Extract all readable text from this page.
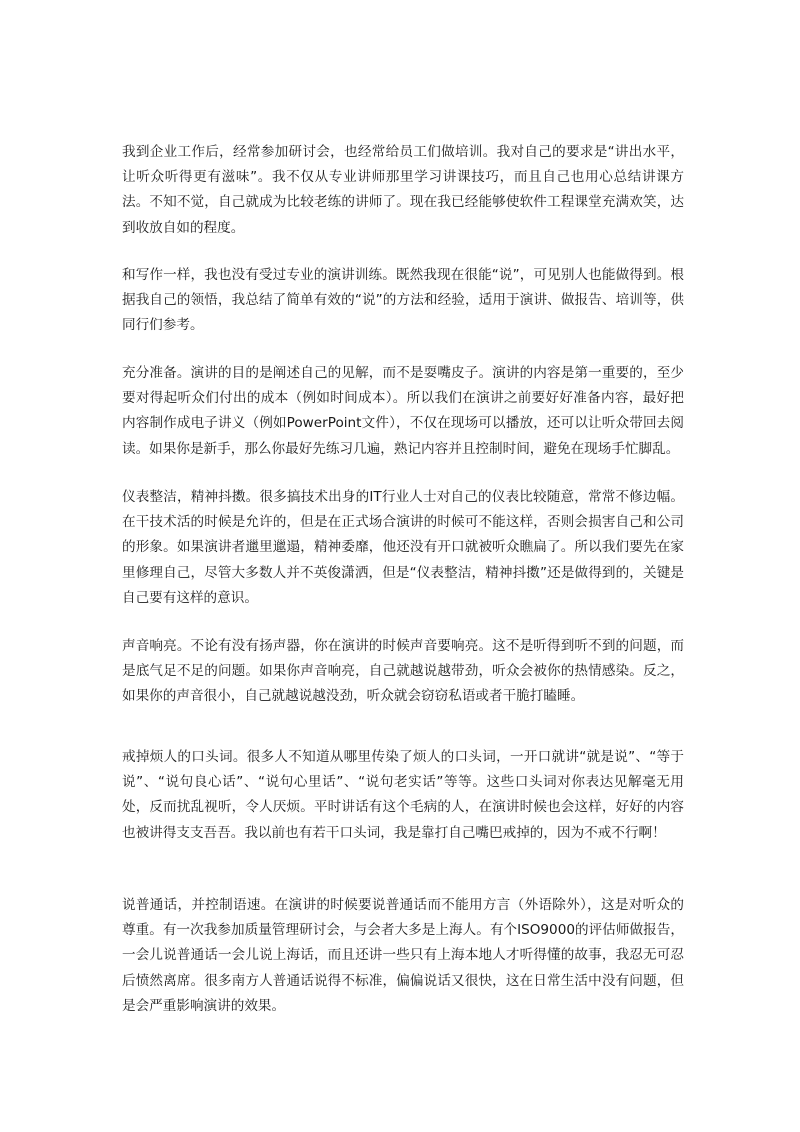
我到企业工作后，经常参加研讨会，也经常给员工们做培训。我对自己的要求是“讲出水平，让听众听得更有滋味”。我不仅从专业讲师那里学习讲课技巧，而且自己也用心总结讲课方法。不知不觉，自己就成为比较老练的讲师了。现在我已经能够使软件工程课堂充满欢笑，达到收放自如的程度。

和写作一样，我也没有受过专业的演讲训练。既然我现在很能“说”，可见别人也能做得到。根据我自己的领悟，我总结了简单有效的“说”的方法和经验，适用于演讲、做报告、培训等，供同行们参考。

充分准备。演讲的目的是阐述自己的见解，而不是耍嘴皮子。演讲的内容是第一重要的，至少要对得起听众们付出的成本（例如时间成本）。所以我们在演讲之前要好好准备内容，最好把内容制作成电子讲义（例如PowerPoint文件），不仅在现场可以播放，还可以让听众带回去阅读。如果你是新手，那么你最好先练习几遍，熟记内容并且控制时间，避免在现场手忙脚乱。

仪表整洁，精神抖擞。很多搞技术出身的IT行业人士对自己的仪表比较随意，常常不修边幅。在干技术活的时候是允许的，但是在正式场合演讲的时候可不能这样，否则会损害自己和公司的形象。如果演讲者邋里邋遢，精神委靡，他还没有开口就被听众瞧扁了。所以我们要先在家里修理自己，尽管大多数人并不英俊潇洒，但是“仪表整洁，精神抖擞”还是做得到的，关键是自己要有这样的意识。

声音响亮。不论有没有扬声器，你在演讲的时候声音要响亮。这不是听得到听不到的问题，而是底气足不足的问题。如果你声音响亮，自己就越说越带劲，听众会被你的热情感染。反之，如果你的声音很小，自己就越说越没劲，听众就会窃窃私语或者干脆打瞌睡。

戒掉烦人的口头词。很多人不知道从哪里传染了烦人的口头词，一开口就讲“就是说”、“等于说”、“说句良心话”、“说句心里话”、“说句老实话”等等。这些口头词对你表达见解毫无用处，反而扰乱视听，令人厌烦。平时讲话有这个毛病的人，在演讲时候也会这样，好好的内容也被讲得支支吾吾。我以前也有若干口头词，我是靠打自己嘴巴戒掉的，因为不戒不行啊！

说普通话，并控制语速。在演讲的时候要说普通话而不能用方言（外语除外），这是对听众的尊重。有一次我参加质量管理研讨会，与会者大多是上海人。有个ISO9000的评估师做报告，一会儿说普通话一会儿说上海话，而且还讲一些只有上海本地人才听得懂的故事，我忍无可忍后愤然离席。很多南方人普通话说得不标准，偏偏说话又很快，这在日常生活中没有问题，但是会严重影响演讲的效果。
